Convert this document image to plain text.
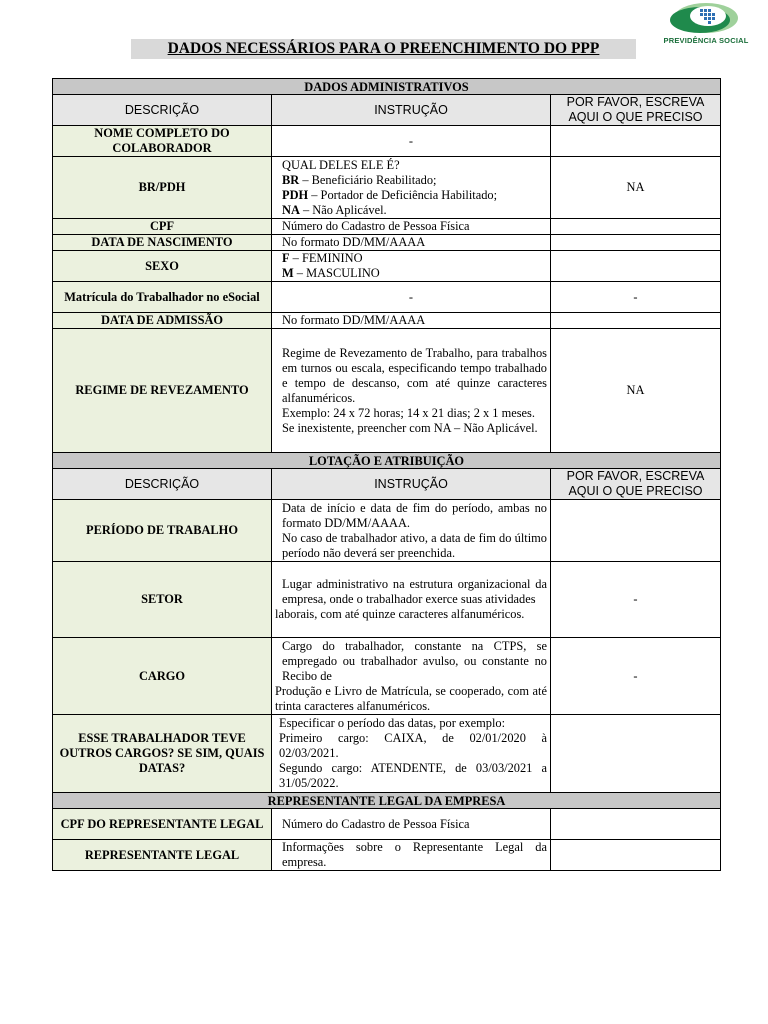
PREVIDÊNCIA SOCIAL
DADOS NECESSÁRIOS PARA O PREENCHIMENTO DO PPP
DADOS ADMINISTRATIVOS		
DESCRIÇÃO	INSTRUÇÃO	POR FAVOR, ESCREVA AQUI O QUE PRECISO
NOME COMPLETO DO COLABORADOR	-	
BR/PDH	QUAL DELES ELE É?
BR – Beneficiário Reabilitado;
PDH – Portador de Deficiência Habilitado;
NA – Não Aplicável.	NA
CPF	Número do Cadastro de Pessoa Física	
DATA DE NASCIMENTO	No formato DD/MM/AAAA	
SEXO	F – FEMININO
M – MASCULINO	

Matrícula do Trabalhador no eSocial	-	-
DATA DE ADMISSÃO	No formato DD/MM/AAAA	
REGIME DE REVEZAMENTO	Regime de Revezamento de Trabalho, para trabalhos em turnos ou escala, especificando tempo trabalhado e tempo de descanso, com até quinze caracteres alfanuméricos.
Exemplo: 24 x 72 horas; 14 x 21 dias; 2 x 1 meses.
Se inexistente, preencher com NA – Não Aplicável.	NA
LOTAÇÃO E ATRIBUIÇÃO		
DESCRIÇÃO	INSTRUÇÃO	POR FAVOR, ESCREVA AQUI O QUE PRECISO
PERÍODO DE TRABALHO	Data de início e data de fim do período, ambas no formato DD/MM/AAAA.
No caso de trabalhador ativo, a data de fim do último período não deverá ser preenchida.	

SETOR	Lugar administrativo na estrutura organizacional da empresa, onde o trabalhador exerce suas atividades
laborais, com até quinze caracteres alfanuméricos.	-
CARGO	Cargo do trabalhador, constante na CTPS, se empregado ou trabalhador avulso, ou constante no Recibo de
Produção e Livro de Matrícula, se cooperado, com até trinta caracteres alfanuméricos.	-
ESSE TRABALHADOR TEVE OUTROS CARGOS? SE SIM, QUAIS DATAS?	Especificar o período das datas, por exemplo:
Primeiro cargo: CAIXA, de 02/01/2020 à 02/03/2021.
Segundo cargo: ATENDENTE, de 03/03/2021 a 31/05/2022.	

REPRESENTANTE LEGAL DA EMPRESA		
CPF DO REPRESENTANTE LEGAL	Número do Cadastro de Pessoa Física	
REPRESENTANTE LEGAL	Informações sobre o Representante Legal da empresa.	
